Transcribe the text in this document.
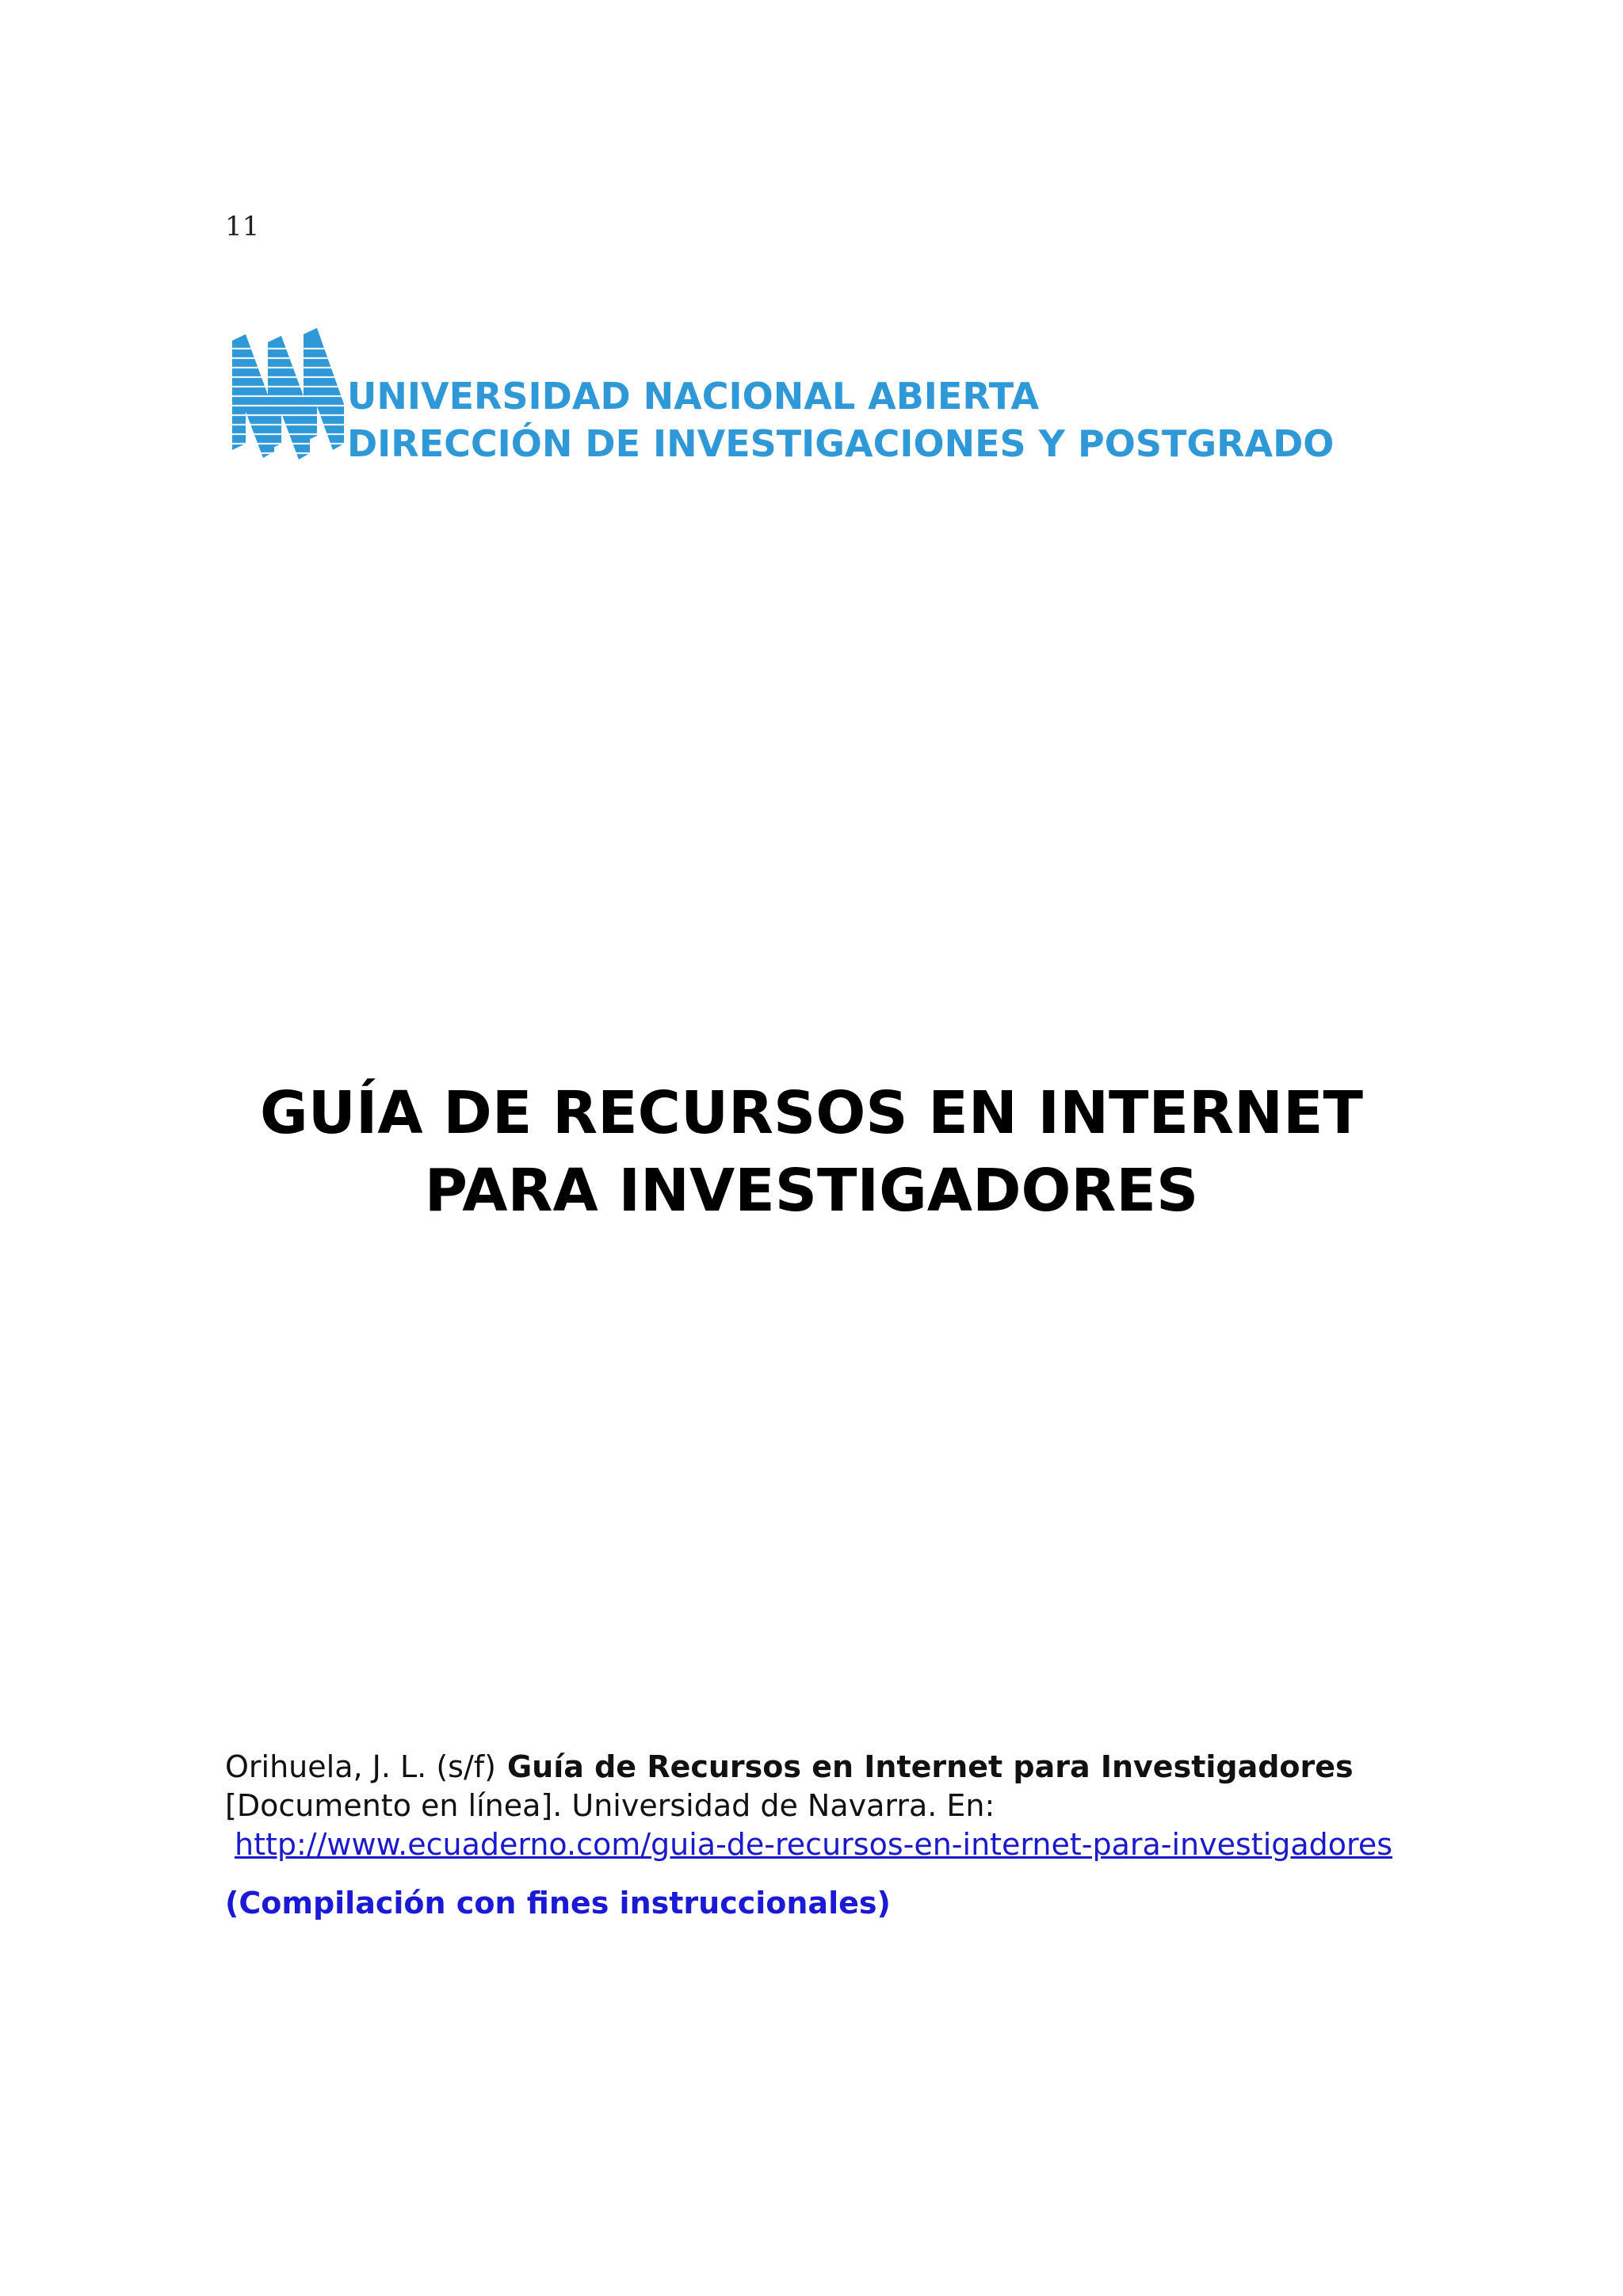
11
UNIVERSIDAD NACIONAL ABIERTA
DIRECCIÓN DE INVESTIGACIONES Y POSTGRADO
GUÍA DE RECURSOS EN INTERNET
PARA INVESTIGADORES
Orihuela, J. L. (s/f) Guía de Recursos en Internet para Investigadores
[Documento en línea]. Universidad de Navarra. En:
http://www.ecuaderno.com/guia-de-recursos-en-internet-para-investigadores
(Compilación con fines instruccionales)
